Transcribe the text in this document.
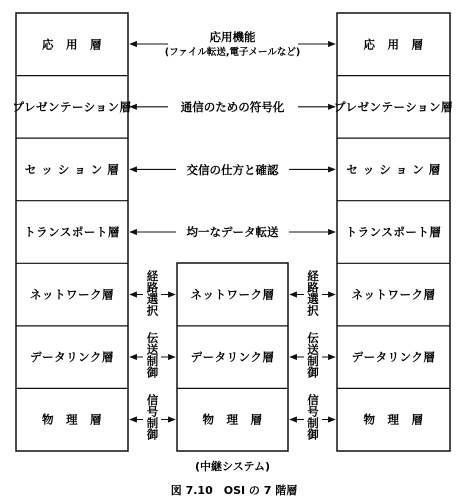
応　用　層
プレゼンテーション層
セ ッ シ ョ ン 層
トランスポート層
ネットワーク層
データリンク層
物　理　層
応　用　層
プレゼンテーション層
セ ッ シ ョ ン 層
トランスポート層
ネットワーク層
データリンク層
物　理　層
ネットワーク層
データリンク層
物　理　層
(中継システム)
応用機能
(ファイル転送,電子メールなど)
通信のための符号化
交信の仕方と確認
均一なデータ転送
経路選択	経路選択
伝送制御	伝送制御
信号制御	信号制御
図 7.10　OSI の 7 階層
